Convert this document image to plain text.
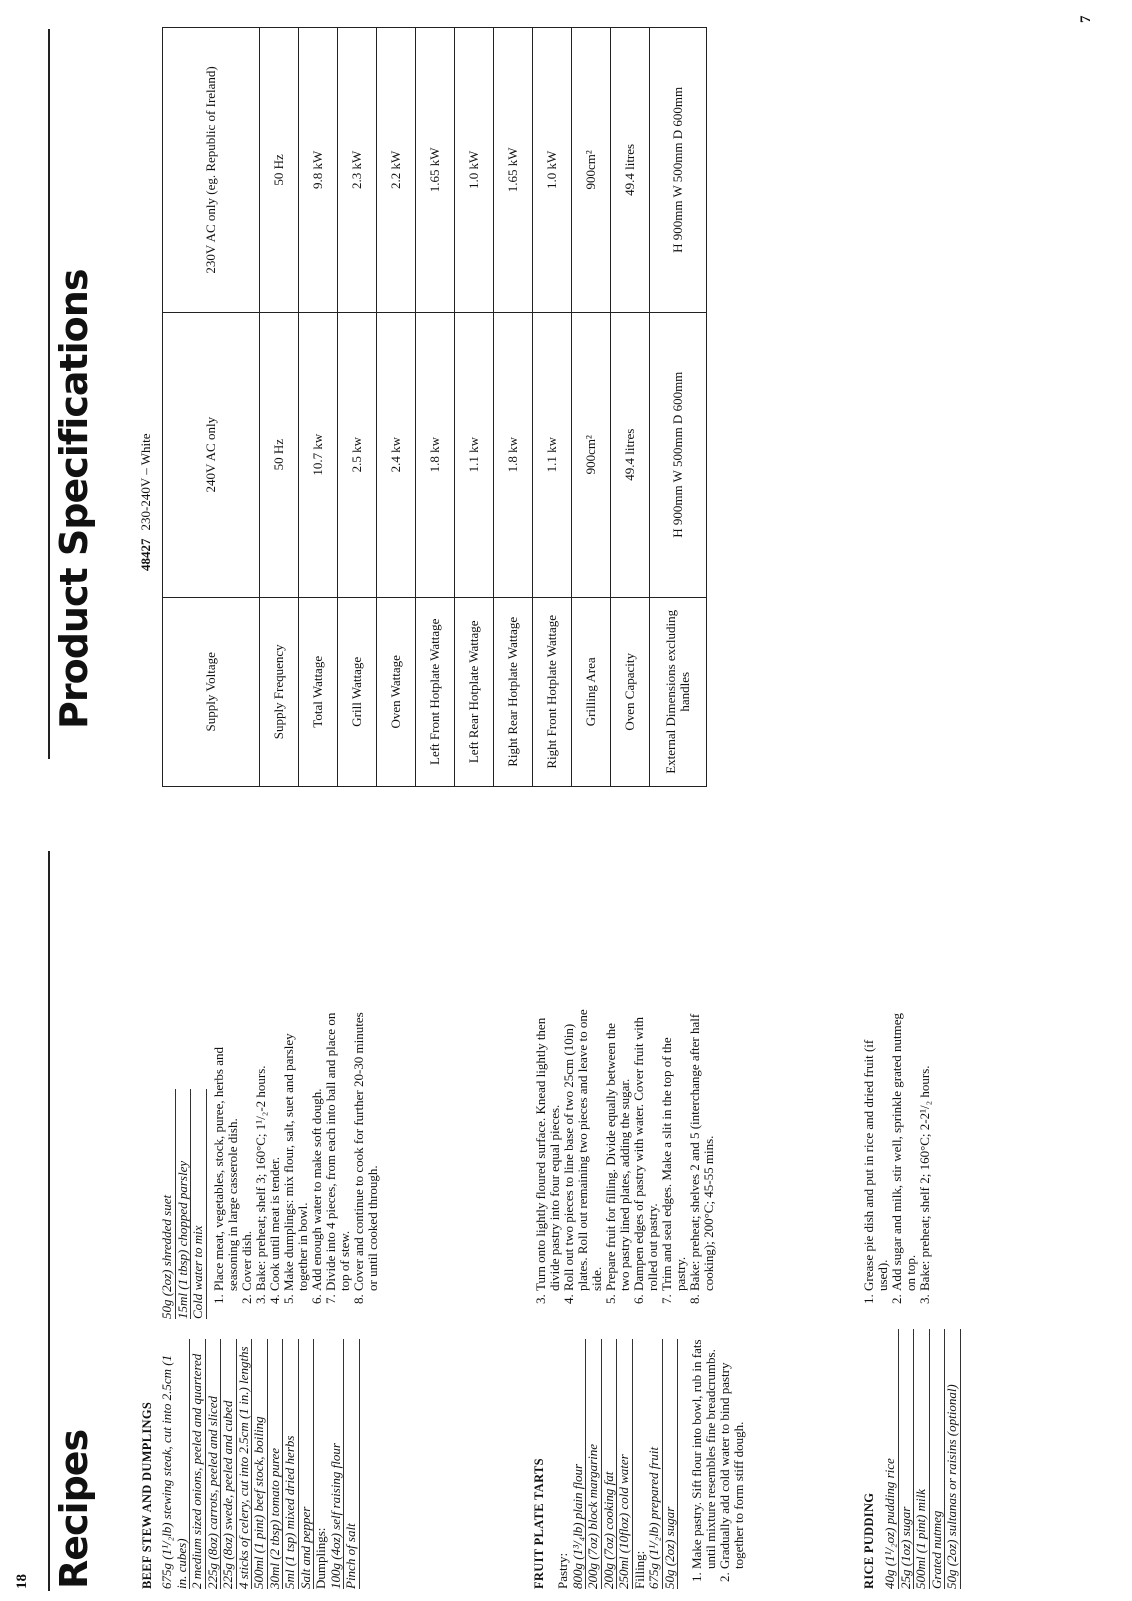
18 Recipes	BEEF STEW AND DUMPLINGS 675g (1¹/₂lb) stewing steak, cut into 2.5cm (1 in. cubes) 2 medium sized onions, peeled and quartered 225g (8oz) carrots, peeled and sliced 225g (8oz) swede, peeled and cubed 4 sticks of celery, cut into 2.5cm (1 in.) lengths 500ml (1 pint) beef stock, boiling 30ml (2 tbsp) tomato puree 5ml (1 tsp) mixed dried herbs Salt and pepper Dumplings: 100g (4oz) self raising flour Pinch of salt
50g (2oz) shredded suet 15ml (1 tbsp) chopped parsley Cold water to mix 1. Place meat, vegetables, stock, puree, herbs and seasoning in large casserole dish. 2. Cover dish. 3. Bake: preheat; shelf 3; 160°C; 1¹/₂-2 hours. 4. Cook until meat is tender. 5. Make dumplings: mix flour, salt, suet and parsley together in bowl. 6. Add enough water to make soft dough. 7. Divide into 4 pieces, from each into ball and place on top of stew. 8. Cover and continue to cook for further 20-30 minutes or until cooked through.
FRUIT PLATE TARTS Pastry: 800g (1³/₄lb) plain flour 200g (7oz) block margarine 200g (7oz) cooking fat 250ml (10floz) cold water Filling: 675g (1¹/₂lb) prepared fruit 50g (2oz) sugar 1. Make pastry. Sift flour into bowl, rub in fats until mixture resembles fine breadcrumbs. 2. Gradually add cold water to bind pastry together to form stiff dough.
3. Turn onto lightly floured surface. Knead lightly then divide pastry into four equal pieces. 4. Roll out two pieces to line base of two 25cm (10in) plates. Roll out remaining two pieces and leave to one side. 5. Prepare fruit for filling. Divide equally between the two pastry lined plates, adding the sugar. 6. Dampen edges of pastry with water. Cover fruit with rolled out pastry. 7. Trim and seal edges. Make a slit in the top of the pastry. 8. Bake: preheat; shelves 2 and 5 (interchange after half cooking); 200°C; 45-55 mins.
RICE PUDDING 40g (1¹/₂oz) pudding rice 25g (1oz) sugar 500ml (1 pint) milk Grated nutmeg 50g (2oz) sultanas or raisins (optional)
1. Grease pie dish and put in rice and dried fruit (if used). 2. Add sugar and milk, stir well, sprinkle grated nutmeg on top. 3. Bake: preheat; shelf 2; 160°C; 2-2¹/₂ hours.
Product Specifications
7
48427230-240V – White
Supply Voltage	240V AC only	230V AC only (eg. Republic of Ireland)
Supply Frequency	50 Hz	50 Hz
Total Wattage	10.7 kw	9.8 kW
Grill Wattage	2.5 kw	2.3 kW
Oven Wattage	2.4 kw	2.2 kW
Left Front Hotplate Wattage	1.8 kw	1.65 kW
Left Rear Hotplate Wattage	1.1 kw	1.0 kW
Right Rear Hotplate Wattage	1.8 kw	1.65 kW
Right Front Hotplate Wattage	1.1 kw	1.0 kW
Grilling Area	900cm²	900cm²
Oven Capacity	49.4 litres	49.4 litres
External Dimensions excluding handles	H 900mm W 500mm D 600mm	H 900mm W 500mm D 600mm
